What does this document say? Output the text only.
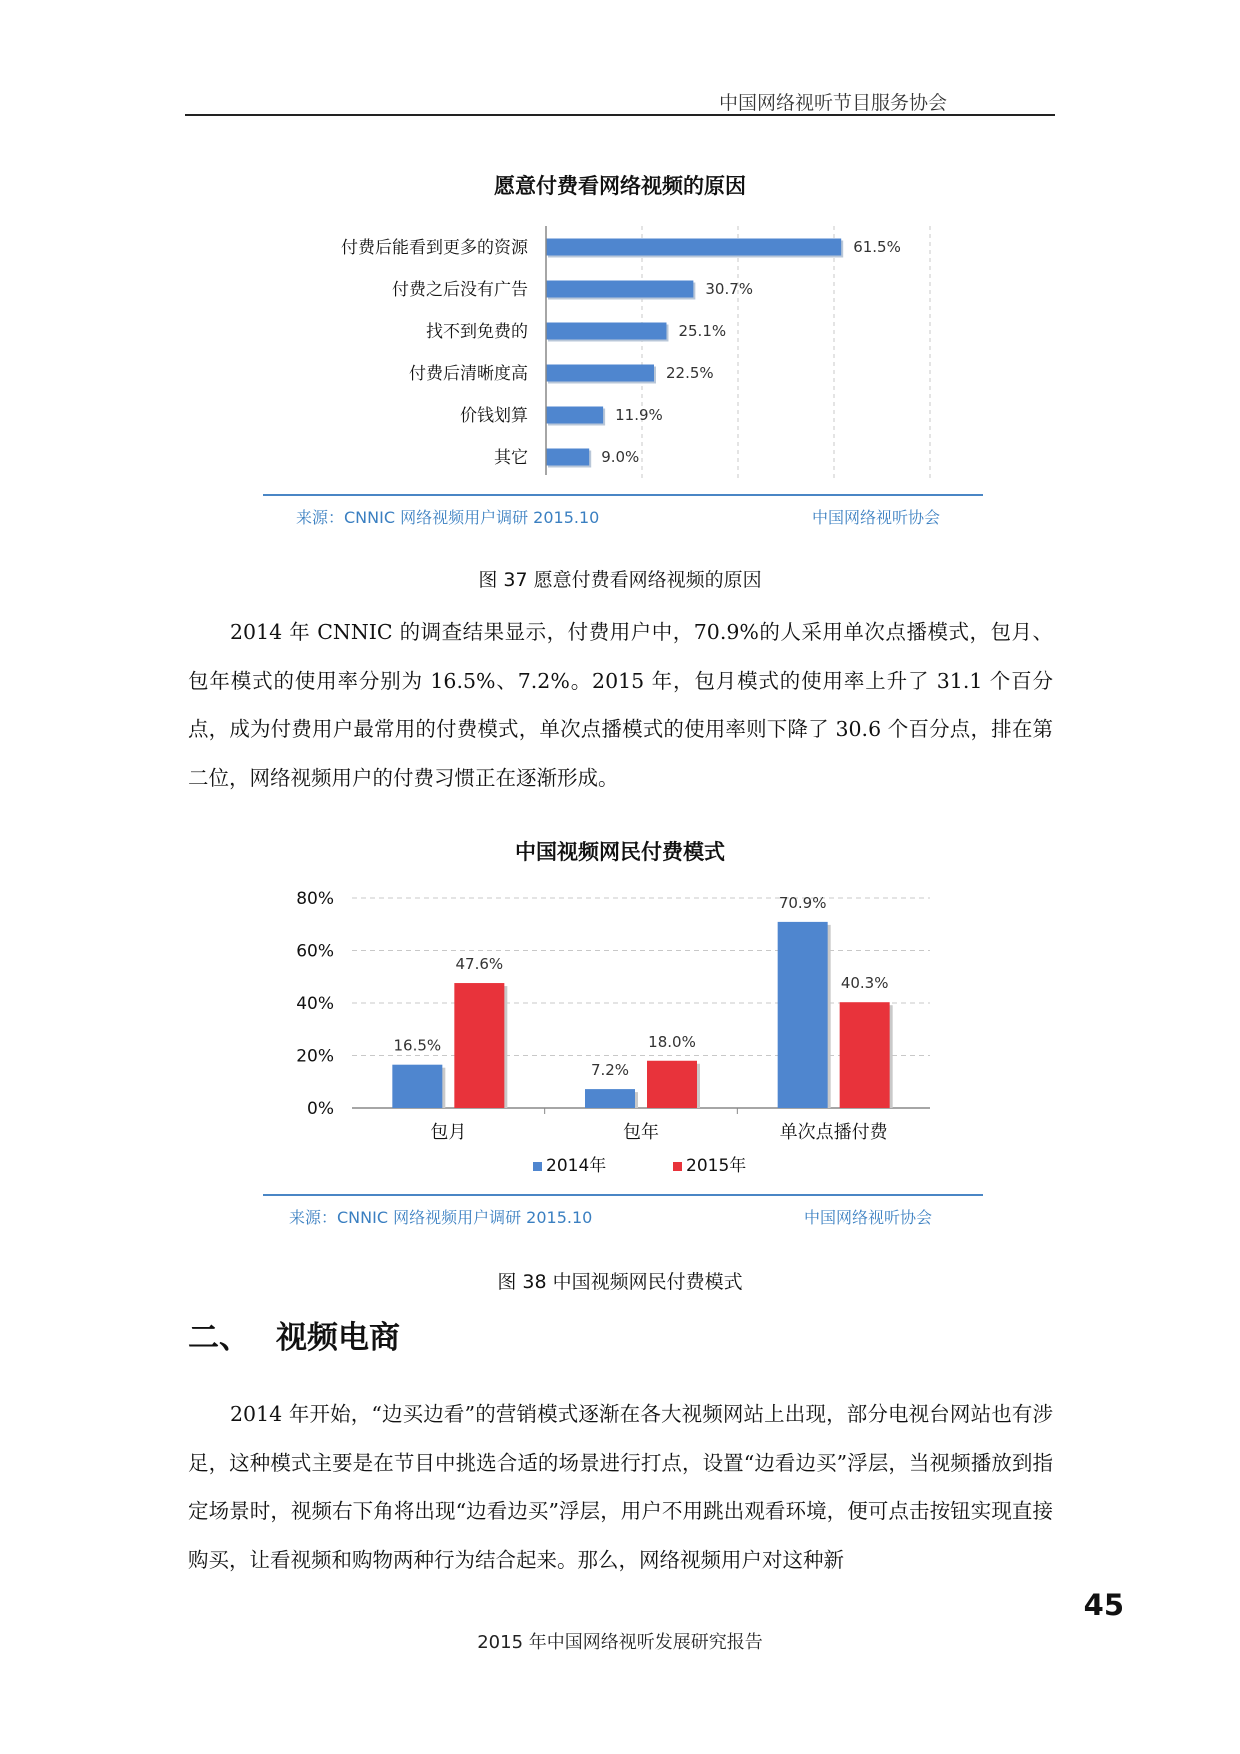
中国网络视听节目服务协会
愿意付费看网络视频的原因
61.5%
30.7%
25.1%
22.5%
11.9%
9.0%
付费后能看到更多的资源
付费之后没有广告
找不到免费的
付费后清晰度高
价钱划算
其它
来源：CNNIC 网络视频用户调研 2015.10	中国网络视听协会
图 37 愿意付费看网络视频的原因

2014 年 CNNIC 的调查结果显示，付费用户中，70.9%的人采用单次点播模式，包月、包年模式的使用率分别为 16.5%、7.2%。2015 年，包月模式的使用率上升了 31.1 个百分点，成为付费用户最常用的付费模式，单次点播模式的使用率则下降了 30.6 个百分点，排在第二位，网络视频用户的付费习惯正在逐渐形成。

中国视频网民付费模式
0%
20%
40%
60%
80%
16.5%
47.6%
7.2%
18.0%
70.9%
40.3%
包月	包年	单次点播付费
2014年	2015年
来源：CNNIC 网络视频用户调研 2015.10	中国网络视听协会
图 38 中国视频网民付费模式
二、 视频电商

2014 年开始，“边买边看”的营销模式逐渐在各大视频网站上出现，部分电视台网站也有涉足，这种模式主要是在节目中挑选合适的场景进行打点，设置“边看边买”浮层，当视频播放到指定场景时，视频右下角将出现“边看边买”浮层，用户不用跳出观看环境，便可点击按钮实现直接购买，让看视频和购物两种行为结合起来。那么，网络视频用户对这种新

45
2015 年中国网络视听发展研究报告
